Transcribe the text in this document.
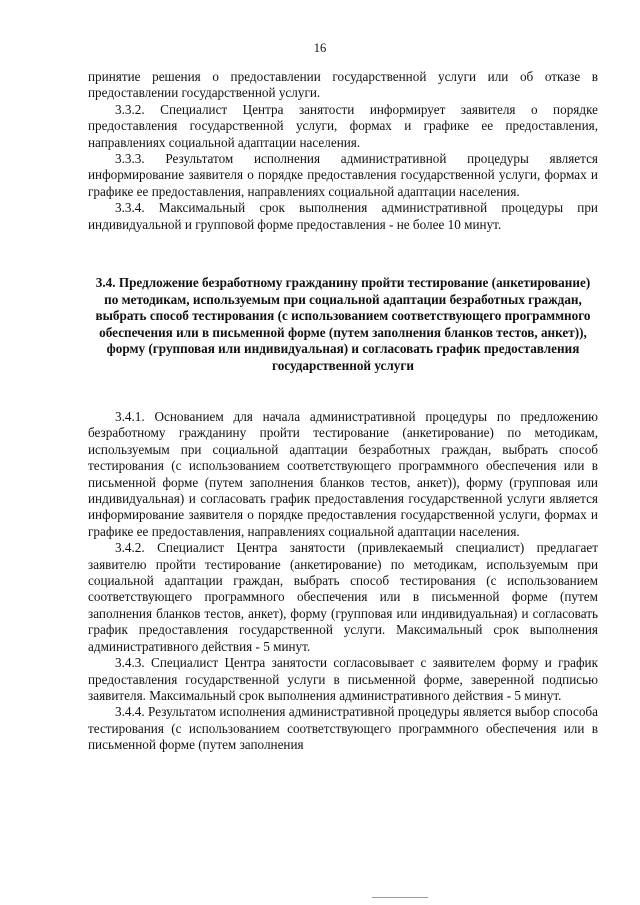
16

принятие решения о предоставлении государственной услуги или об отказе в предоставлении государственной услуги.

3.3.2. Специалист Центра занятости информирует заявителя о порядке предоставления государственной услуги, формах и графике ее предоставления, направлениях социальной адаптации населения.

3.3.3. Результатом исполнения административной процедуры является информирование заявителя о порядке предоставления государственной услуги, формах и графике ее предоставления, направлениях социальной адаптации населения.

3.3.4. Максимальный срок выполнения административной процедуры при индивидуальной и групповой форме предоставления - не более 10 минут.

3.4. Предложение безработному гражданину пройти тестирование (анкетирование) по методикам, используемым при социальной адаптации безработных граждан, выбрать способ тестирования (с использованием соответствующего программного обеспечения или в письменной форме (путем заполнения бланков тестов, анкет)), форму (групповая или индивидуальная) и согласовать график предоставления государственной услуги

3.4.1. Основанием для начала административной процедуры по предложению безработному гражданину пройти тестирование (анкетирование) по методикам, используемым при социальной адаптации безработных граждан, выбрать способ тестирования (с использованием соответствующего программного обеспечения или в письменной форме (путем заполнения бланков тестов, анкет)), форму (групповая или индивидуальная) и согласовать график предоставления государственной услуги является информирование заявителя о порядке предоставления государственной услуги, формах и графике ее предоставления, направлениях социальной адаптации населения.

3.4.2. Специалист Центра занятости (привлекаемый специалист) предлагает заявителю пройти тестирование (анкетирование) по методикам, используемым при социальной адаптации граждан, выбрать способ тестирования (с использованием соответствующего программного обеспечения или в письменной форме (путем заполнения бланков тестов, анкет), форму (групповая или индивидуальная) и согласовать график предоставления государственной услуги. Максимальный срок выполнения административного действия - 5 минут.

3.4.3. Специалист Центра занятости согласовывает с заявителем форму и график предоставления государственной услуги в письменной форме, заверенной подписью заявителя. Максимальный срок выполнения административного действия - 5 минут.

3.4.4. Результатом исполнения административной процедуры является выбор способа тестирования (с использованием соответствующего программного обеспечения или в письменной форме (путем заполнения
